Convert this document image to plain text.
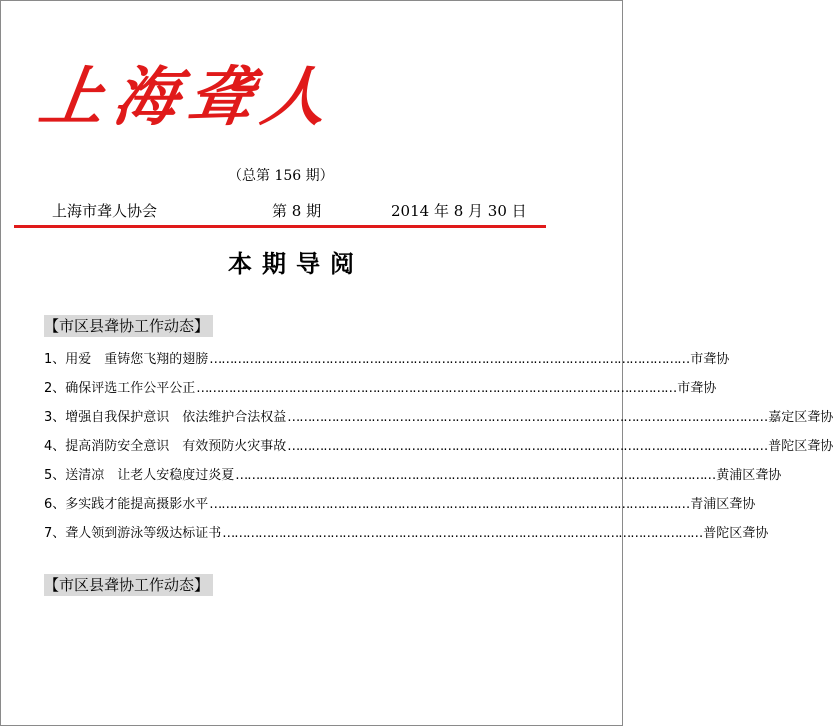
上海聋人
（总第 156 期）
上海市聋人协会	第 8 期	2014 年 8 月 30 日
本期导阅
【市区县聋协工作动态】
1、用爱　重铸您飞翔的翅膀 ………………………………………………………………………………………………………… 市聋协
2、确保评选工作公平公正 ………………………………………………………………………………………………………… 市聋协
3、增强自我保护意识　依法维护合法权益 ………………………………………………………………………………………………………… 嘉定区聋协
4、提高消防安全意识　有效预防火灾事故 ………………………………………………………………………………………………………… 普陀区聋协
5、送清凉　让老人安稳度过炎夏 ………………………………………………………………………………………………………… 黄浦区聋协
6、多实践才能提高摄影水平 ………………………………………………………………………………………………………… 青浦区聋协
7、聋人领到游泳等级达标证书 ………………………………………………………………………………………………………… 普陀区聋协
【市区县聋协工作动态】
